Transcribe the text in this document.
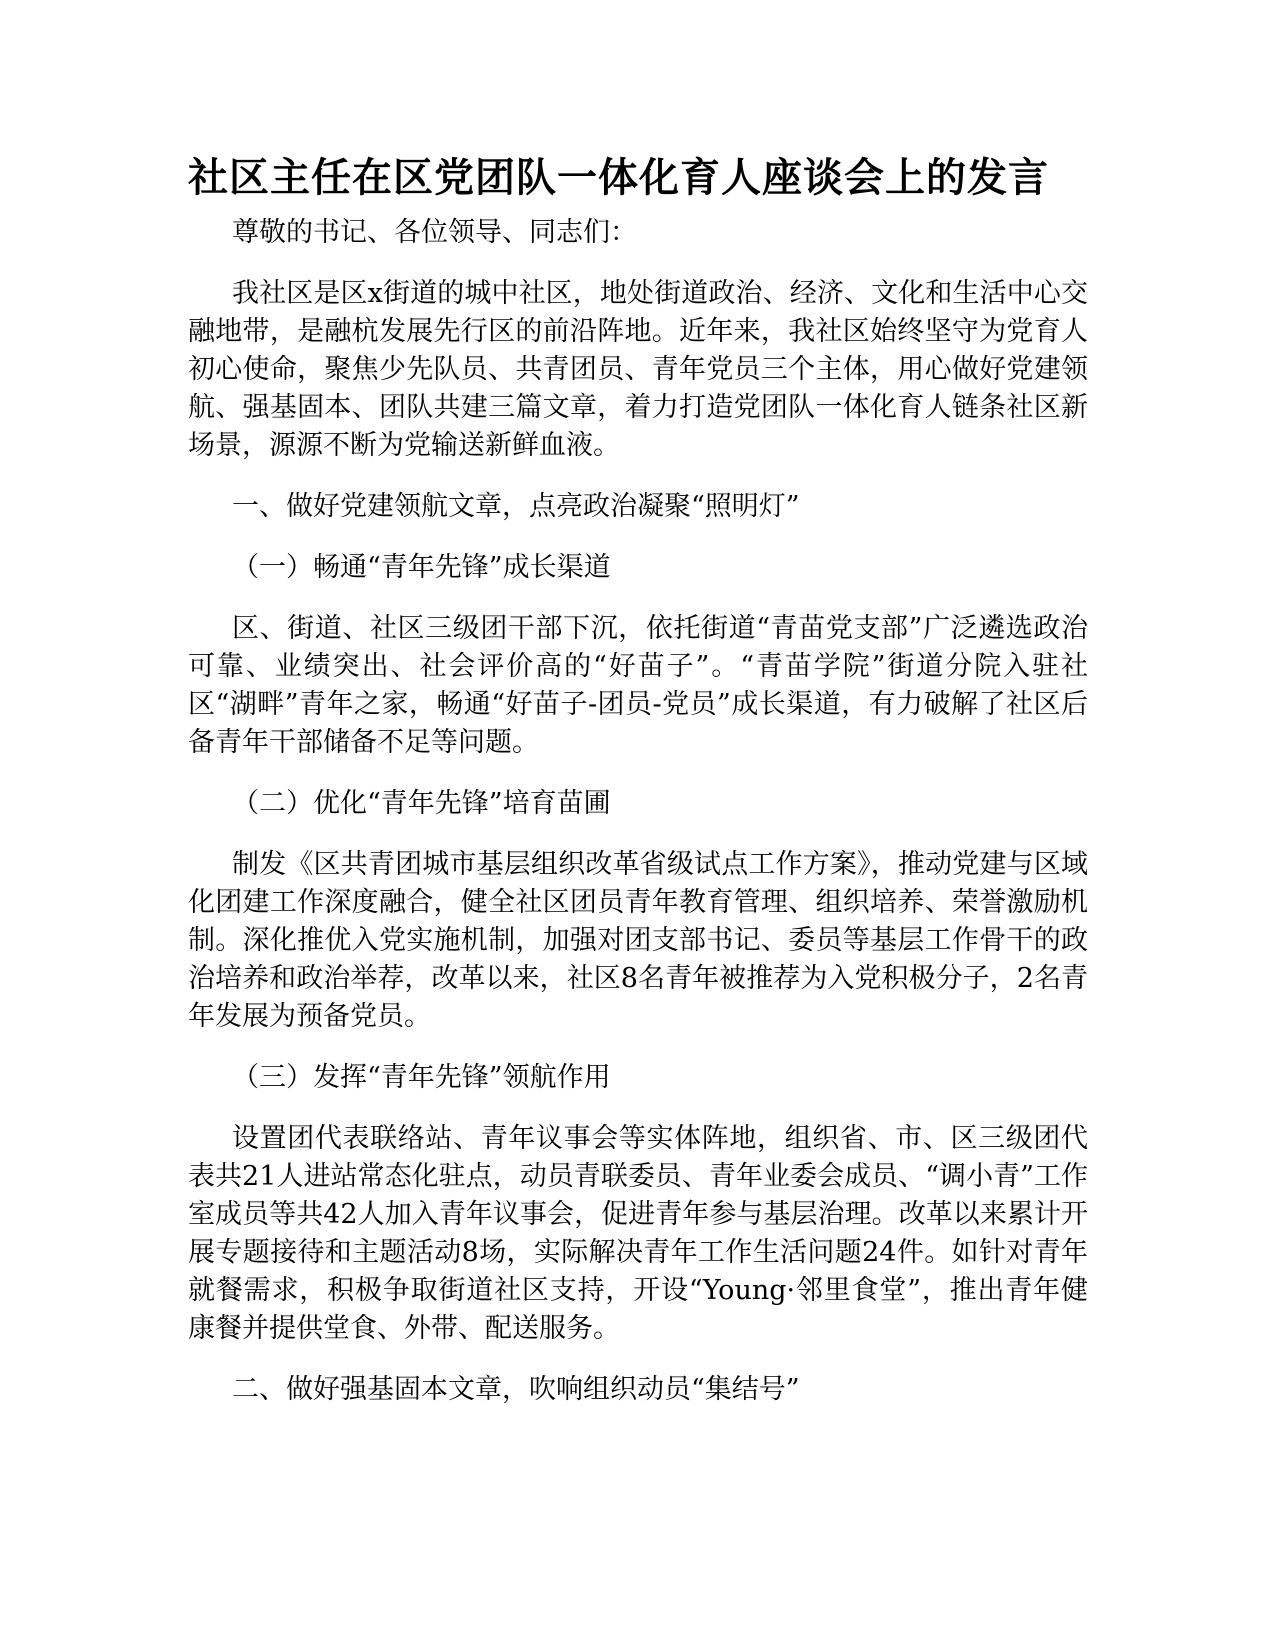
社区主任在区党团队一体化育人座谈会上的发言

尊敬的书记、各位领导、同志们：

我社区是区x街道的城中社区，地处街道政治、经济、文化和生活中心交融地带，是融杭发展先行区的前沿阵地。近年来，我社区始终坚守为党育人初心使命，聚焦少先队员、共青团员、青年党员三个主体，用心做好党建领航、强基固本、团队共建三篇文章，着力打造党团队一体化育人链条社区新场景，源源不断为党输送新鲜血液。

一、做好党建领航文章，点亮政治凝聚“照明灯”

（一）畅通“青年先锋”成长渠道

区、街道、社区三级团干部下沉，依托街道“青苗党支部”广泛遴选政治可靠、业绩突出、社会评价高的“好苗子”。“青苗学院”街道分院入驻社区“湖畔”青年之家，畅通“好苗子-团员-党员”成长渠道，有力破解了社区后备青年干部储备不足等问题。

（二）优化“青年先锋”培育苗圃

制发《区共青团城市基层组织改革省级试点工作方案》，推动党建与区域化团建工作深度融合，健全社区团员青年教育管理、组织培养、荣誉激励机制。深化推优入党实施机制，加强对团支部书记、委员等基层工作骨干的政治培养和政治举荐，改革以来，社区8名青年被推荐为入党积极分子，2名青年发展为预备党员。

（三）发挥“青年先锋”领航作用

设置团代表联络站、青年议事会等实体阵地，组织省、市、区三级团代表共21人进站常态化驻点，动员青联委员、青年业委会成员、“调小青”工作室成员等共42人加入青年议事会，促进青年参与基层治理。改革以来累计开展专题接待和主题活动8场，实际解决青年工作生活问题24件。如针对青年就餐需求，积极争取街道社区支持，开设“Young·邻里食堂”，推出青年健康餐并提供堂食、外带、配送服务。

二、做好强基固本文章，吹响组织动员“集结号”
